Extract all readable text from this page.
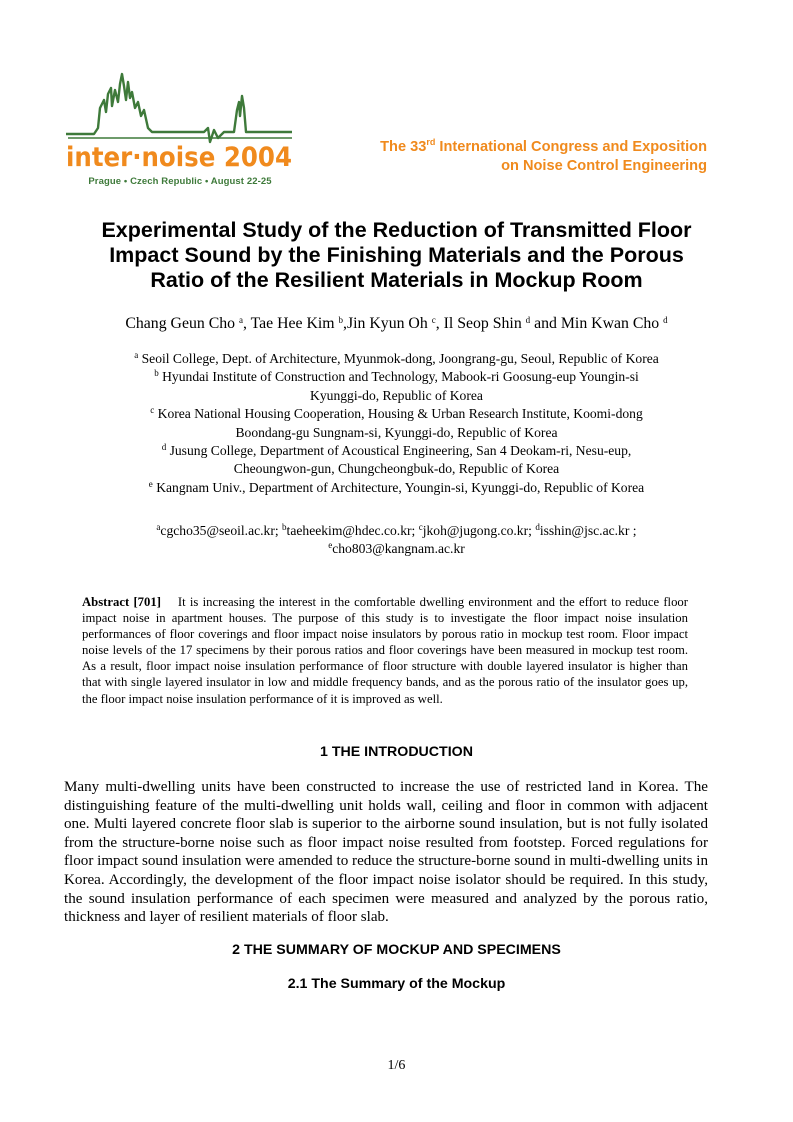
inter·noise 2004
Prague • Czech Republic • August 22-25
The 33rd International Congress and Exposition
on Noise Control Engineering
Experimental Study of the Reduction of Transmitted Floor
Impact Sound by the Finishing Materials and the Porous
Ratio of the Resilient Materials in Mockup Room
Chang Geun Cho $^a$, Tae Hee Kim $^b$,Jin Kyun Oh $^c$, Il Seop Shin $^d$ and Min Kwan Cho $^d$
$^a$ Seoil College, Dept. of Architecture, Myunmok-dong, Joongrang-gu, Seoul, Republic of Korea
$^b$ Hyundai Institute of Construction and Technology, Mabook-ri Goosung-eup Youngin-si
Kyunggi-do, Republic of Korea
$^c$ Korea National Housing Cooperation, Housing & Urban Research Institute, Koomi-dong
Boondang-gu Sungnam-si, Kyunggi-do, Republic of Korea
$^d$ Jusung College, Department of Acoustical Engineering, San 4 Deokam-ri, Nesu-eup,
Cheoungwon-gun, Chungcheongbuk-do, Republic of Korea
$^e$ Kangnam Univ., Department of Architecture, Youngin-si, Kyunggi-do, Republic of Korea
$^a$cgcho35@seoil.ac.kr; $^b$taeheekim@hdec.co.kr; $^c$jkoh@jugong.co.kr; $^d$isshin@jsc.ac.kr ;
$^e$cho803@kangnam.ac.kr

Abstract [701] It is increasing the interest in the comfortable dwelling environment and the effort to reduce floor impact noise in apartment houses. The purpose of this study is to investigate the floor impact noise insulation performances of floor coverings and floor impact noise insulators by porous ratio in mockup test room. Floor impact noise levels of the 17 specimens by their porous ratios and floor coverings have been measured in mockup test room. As a result, floor impact noise insulation performance of floor structure with double layered insulator is higher than that with single layered insulator in low and middle frequency bands, and as the porous ratio of the insulator goes up, the floor impact noise insulation performance of it is improved as well.

1 THE INTRODUCTION

Many multi-dwelling units have been constructed to increase the use of restricted land in Korea. The distinguishing feature of the multi-dwelling unit holds wall, ceiling and floor in common with adjacent one. Multi layered concrete floor slab is superior to the airborne sound insulation, but is not fully isolated from the structure-borne noise such as floor impact noise resulted from footstep. Forced regulations for floor impact sound insulation were amended to reduce the structure-borne sound in multi-dwelling units in Korea. Accordingly, the development of the floor impact noise isolator should be required. In this study, the sound insulation performance of each specimen were measured and analyzed by the porous ratio, thickness and layer of resilient materials of floor slab.

2 THE SUMMARY OF MOCKUP AND SPECIMENS
2.1 The Summary of the Mockup
1/6
